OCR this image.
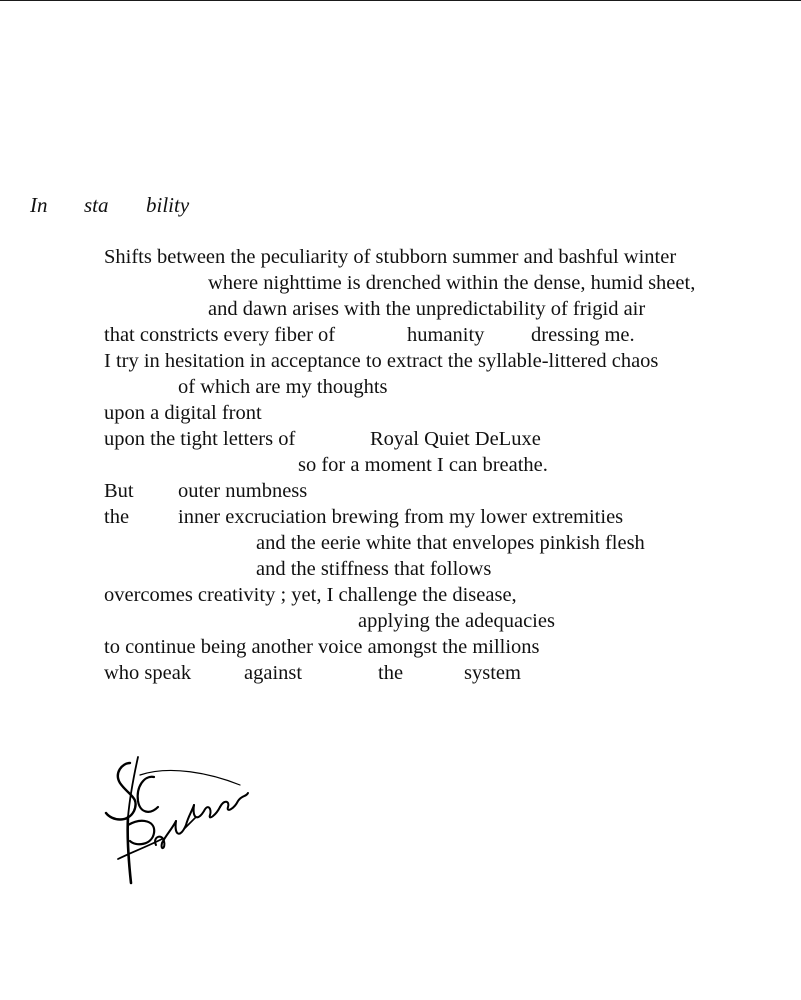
In sta bility
Shifts between the peculiarity of stubborn summer and bashful winter
where nighttime is drenched within the dense, humid sheet,
and dawn arises with the unpredictability of frigid air
that constricts every fiber of	humanity dressing me.
I try in hesitation in acceptance to extract the syllable-littered chaos
of which are my thoughts
upon a digital front
upon the tight letters of	Royal Quiet DeLuxe
so for a moment I can breathe.
But outer numbness
the inner excruciation brewing from my lower extremities
and the eerie white that envelopes pinkish flesh
and the stiffness that follows
overcomes creativity ; yet, I challenge the disease,
applying the adequacies
to continue being another voice amongst the millions
who speak	against	the	system
